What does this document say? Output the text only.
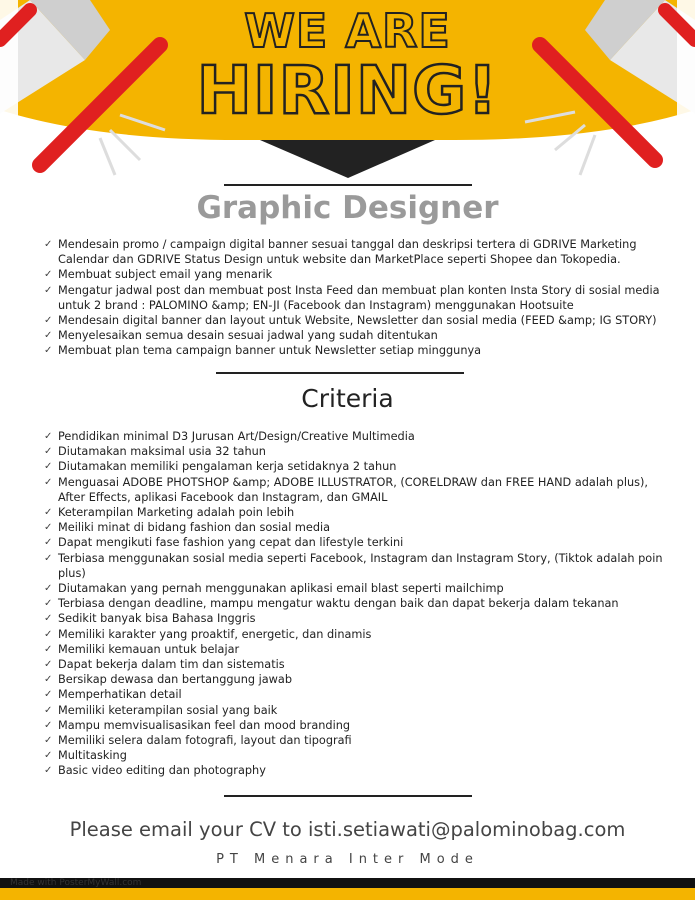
WE ARE
HIRING!
Graphic Designer
✓ Mendesain promo / campaign digital banner sesuai tanggal dan deskripsi tertera di GDRIVE Marketing Calendar dan GDRIVE Status Design untuk website dan MarketPlace seperti Shopee dan Tokopedia.
✓ Membuat subject email yang menarik
✓ Mengatur jadwal post dan membuat post Insta Feed dan membuat plan konten Insta Story di sosial media untuk 2 brand : PALOMINO &amp; EN-JI (Facebook dan Instagram) menggunakan Hootsuite
✓ Mendesain digital banner dan layout untuk Website, Newsletter dan sosial media (FEED &amp; IG STORY)
✓ Menyelesaikan semua desain sesuai jadwal yang sudah ditentukan
✓ Membuat plan tema campaign banner untuk Newsletter setiap minggunya
Criteria
✓ Pendidikan minimal D3 Jurusan Art/Design/Creative Multimedia
✓ Diutamakan maksimal usia 32 tahun
✓ Diutamakan memiliki pengalaman kerja setidaknya 2 tahun
✓ Menguasai ADOBE PHOTSHOP &amp; ADOBE ILLUSTRATOR, (CORELDRAW dan FREE HAND adalah plus), After Effects, aplikasi Facebook dan Instagram, dan GMAIL
✓ Keterampilan Marketing adalah poin lebih
✓ Meiliki minat di bidang fashion dan sosial media
✓ Dapat mengikuti fase fashion yang cepat dan lifestyle terkini
✓ Terbiasa menggunakan sosial media seperti Facebook, Instagram dan Instagram Story, (Tiktok adalah poin plus)
✓ Diutamakan yang pernah menggunakan aplikasi email blast seperti mailchimp
✓ Terbiasa dengan deadline, mampu mengatur waktu dengan baik dan dapat bekerja dalam tekanan
✓ Sedikit banyak bisa Bahasa Inggris
✓ Memiliki karakter yang proaktif, energetic, dan dinamis
✓ Memiliki kemauan untuk belajar
✓ Dapat bekerja dalam tim dan sistematis
✓ Bersikap dewasa dan bertanggung jawab
✓ Memperhatikan detail
✓ Memiliki keterampilan sosial yang baik
✓ Mampu memvisualisasikan feel dan mood branding
✓ Memiliki selera dalam fotografi, layout dan tipografi
✓ Multitasking
✓ Basic video editing dan photography
Please email your CV to isti.setiawati@palominobag.com
PT Menara Inter Mode
Made with PosterMyWall.com
